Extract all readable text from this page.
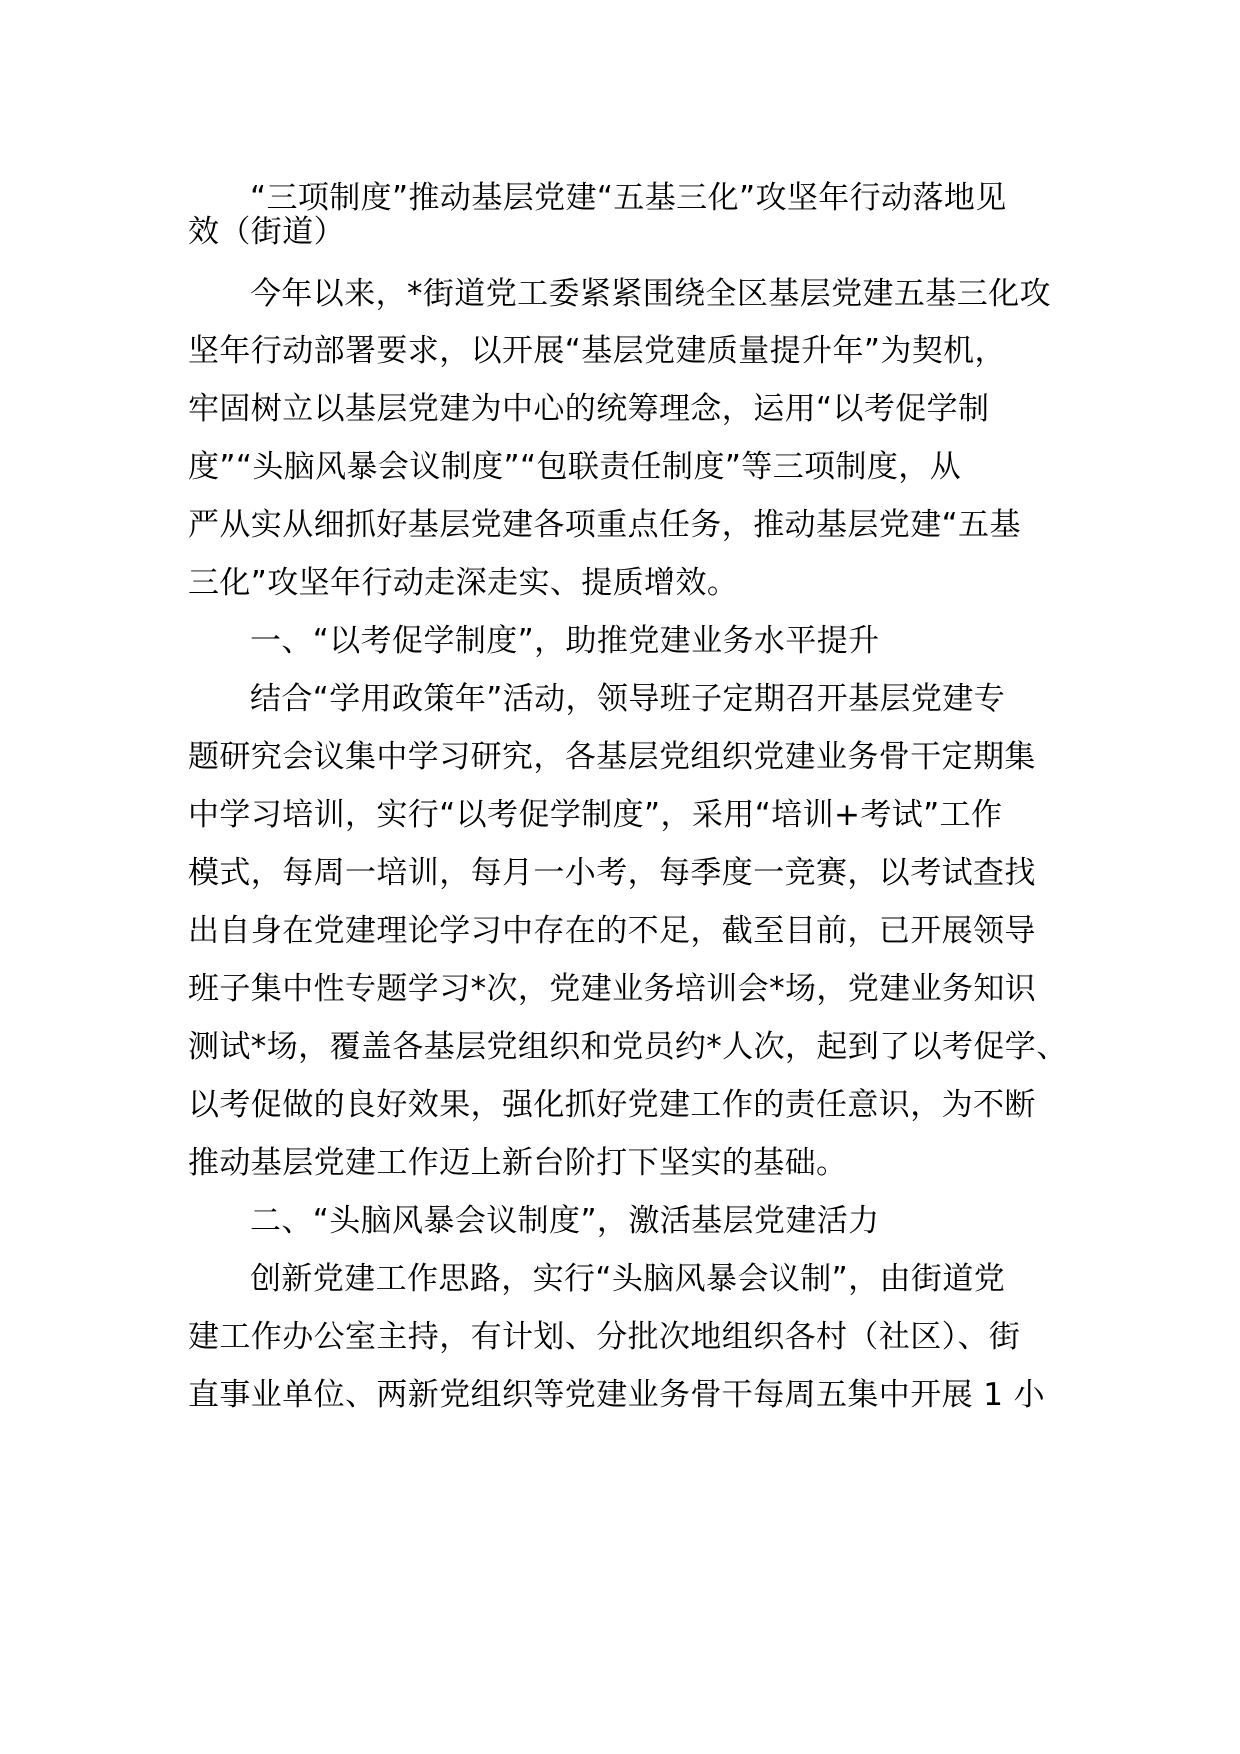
“三项制度”推动基层党建“五基三化”攻坚年行动落地见
效（街道）
今年以来，*街道党工委紧紧围绕全区基层党建五基三化攻
坚年行动部署要求，以开展“基层党建质量提升年”为契机，
牢固树立以基层党建为中心的统筹理念，运用“以考促学制
度”“头脑风暴会议制度”“包联责任制度”等三项制度，从
严从实从细抓好基层党建各项重点任务，推动基层党建“五基
三化”攻坚年行动走深走实、提质增效。
一、“以考促学制度”，助推党建业务水平提升
结合“学用政策年”活动，领导班子定期召开基层党建专
题研究会议集中学习研究，各基层党组织党建业务骨干定期集
中学习培训，实行“以考促学制度”，采用“培训+考试”工作
模式，每周一培训，每月一小考，每季度一竞赛，以考试查找
出自身在党建理论学习中存在的不足，截至目前，已开展领导
班子集中性专题学习*次，党建业务培训会*场，党建业务知识
测试*场，覆盖各基层党组织和党员约*人次，起到了以考促学、
以考促做的良好效果，强化抓好党建工作的责任意识，为不断
推动基层党建工作迈上新台阶打下坚实的基础。
二、“头脑风暴会议制度”，激活基层党建活力
创新党建工作思路，实行“头脑风暴会议制”，由街道党
建工作办公室主持，有计划、分批次地组织各村（社区）、街
直事业单位、两新党组织等党建业务骨干每周五集中开展 1 小
